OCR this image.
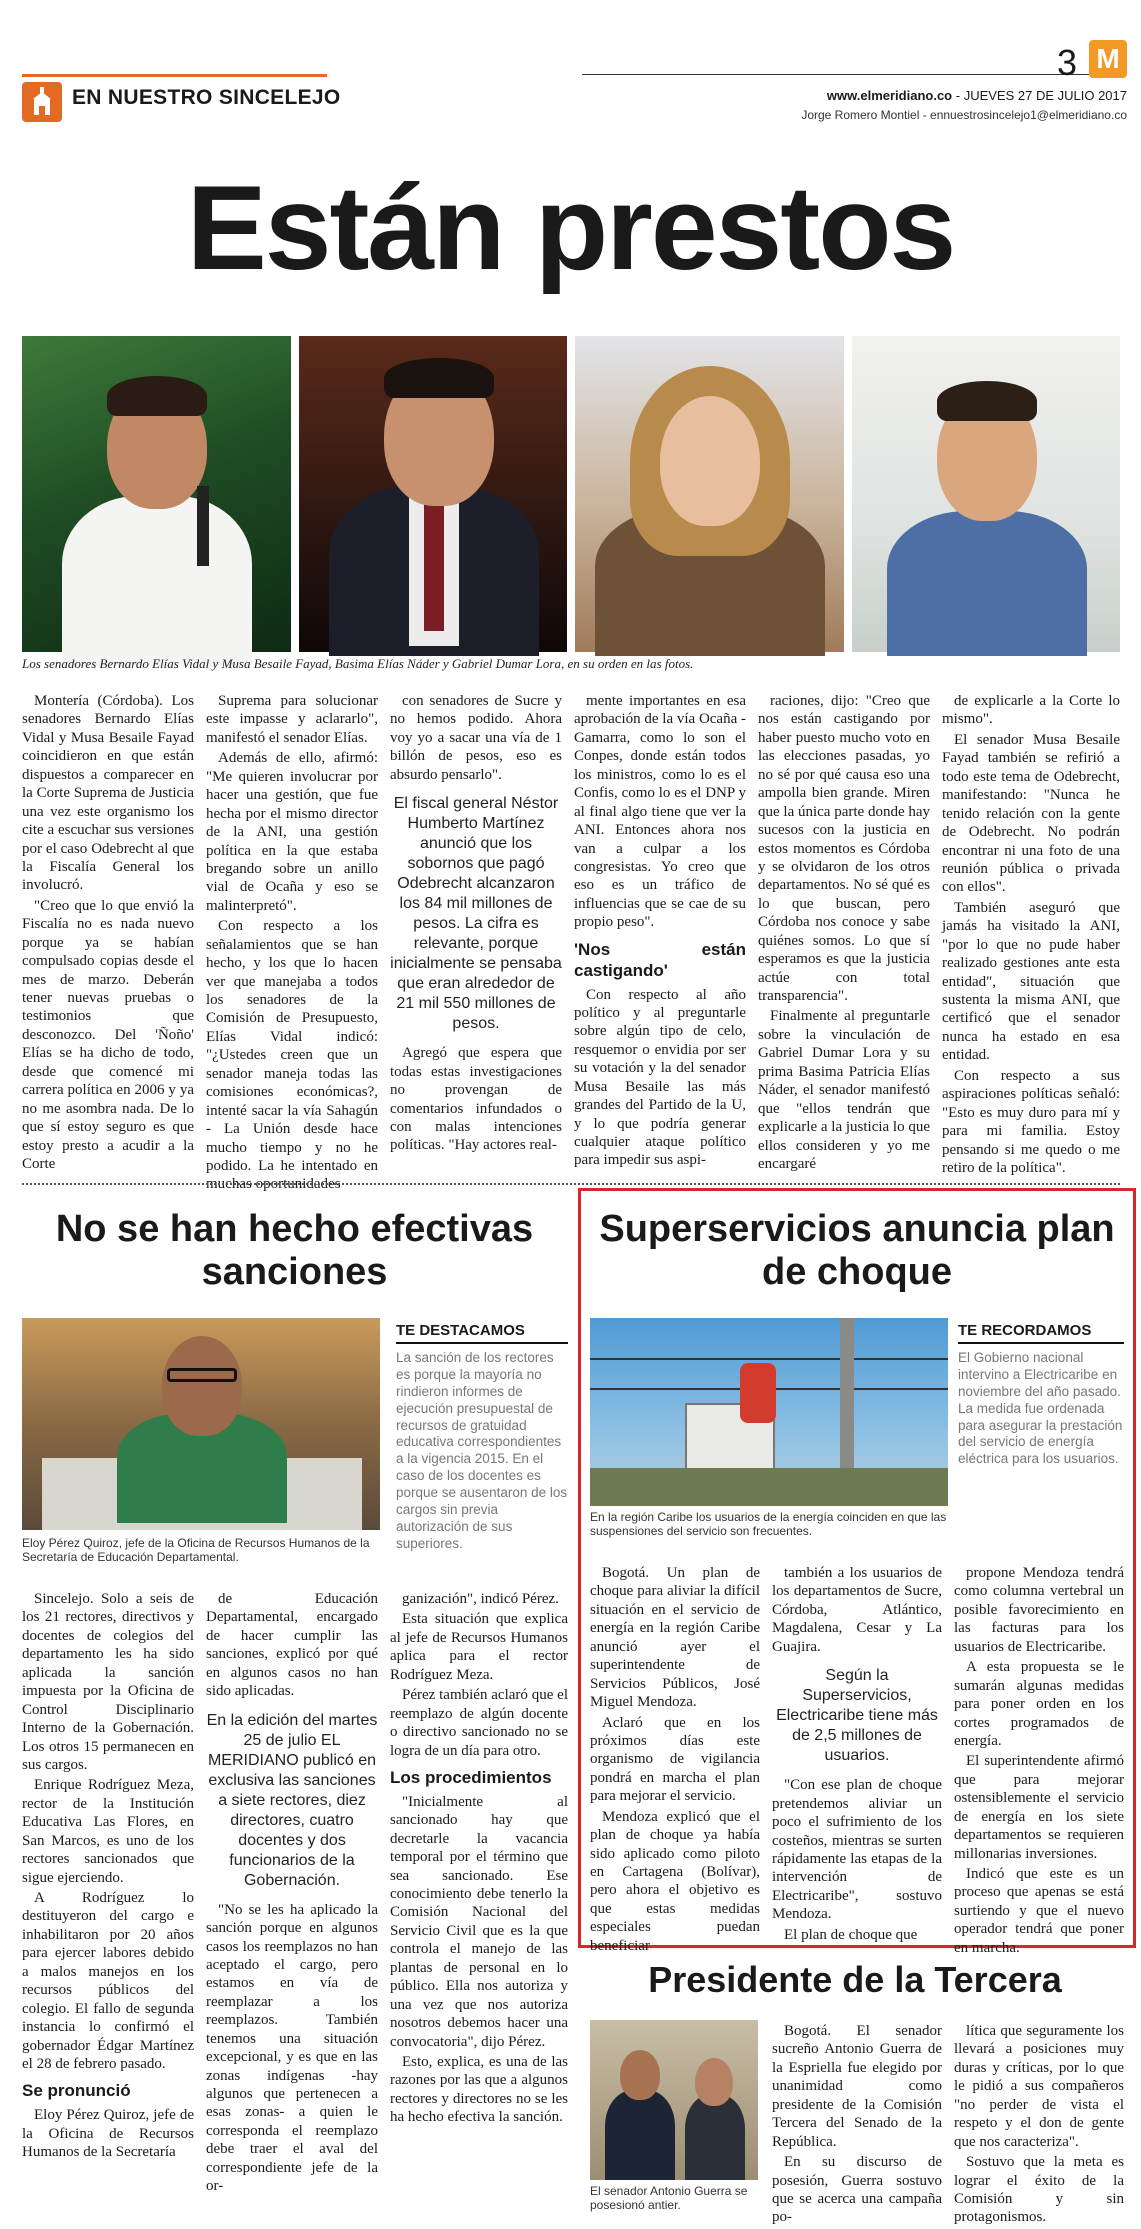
EN NUESTRO SINCELEJO
3 M
www.elmeridiano.co - JUEVES 27 DE JULIO 2017
Jorge Romero Montiel - ennuestrosincelejo1@elmeridiano.co
Están prestos
Los senadores Bernardo Elías Vidal y Musa Besaile Fayad, Basima Elías Náder y Gabriel Dumar Lora, en su orden en las fotos.

Montería (Córdoba). Los senadores Bernardo Elías Vidal y Musa Besaile Fayad coincidieron en que están dispuestos a comparecer en la Corte Suprema de Justicia una vez este organismo los cite a escuchar sus versiones por el caso Odebrecht al que la Fiscalía General los involucró.

"Creo que lo que envió la Fiscalía no es nada nuevo porque ya se habían compulsado copias desde el mes de marzo. Deberán tener nuevas pruebas o testimonios que desconozco. Del 'Ñoño' Elías se ha dicho de todo, desde que comencé mi carrera política en 2006 y ya no me asombra nada. De lo que sí estoy seguro es que estoy presto a acudir a la Corte

Suprema para solucionar este impasse y aclararlo", manifestó el senador Elías.

Además de ello, afirmó: "Me quieren involucrar por hacer una gestión, que fue hecha por el mismo director de la ANI, una gestión política en la que estaba bregando sobre un anillo vial de Ocaña y eso se malinterpretó".

Con respecto a los señalamientos que se han hecho, y los que lo hacen ver que manejaba a todos los senadores de la Comisión de Presupuesto, Elías Vidal indicó: "¿Ustedes creen que un senador maneja todas las comisiones económicas?, intenté sacar la vía Sahagún - La Unión desde hace mucho tiempo y no he podido. La he intentado en muchas oportunidades

con senadores de Sucre y no hemos podido. Ahora voy yo a sacar una vía de 1 billón de pesos, eso es absurdo pensarlo".

El fiscal general Néstor Humberto Martínez anunció que los sobornos que pagó Odebrecht alcanzaron los 84 mil millones de pesos. La cifra es relevante, porque inicialmente se pensaba que eran alrededor de 21 mil 550 millones de pesos.

Agregó que espera que todas estas investigaciones no provengan de comentarios infundados o con malas intenciones políticas. "Hay actores real-

mente importantes en esa aprobación de la vía Ocaña - Gamarra, como lo son el Conpes, donde están todos los ministros, como lo es el Confis, como lo es el DNP y al final algo tiene que ver la ANI. Entonces ahora nos van a culpar a los congresistas. Yo creo que eso es un tráfico de influencias que se cae de su propio peso".

'Nos están castigando'

Con respecto al año político y al preguntarle sobre algún tipo de celo, resquemor o envidia por ser su votación y la del senador Musa Besaile las más grandes del Partido de la U, y lo que podría generar cualquier ataque político para impedir sus aspi-

raciones, dijo: "Creo que nos están castigando por haber puesto mucho voto en las elecciones pasadas, yo no sé por qué causa eso una ampolla bien grande. Miren que la única parte donde hay sucesos con la justicia en estos momentos es Córdoba y se olvidaron de los otros departamentos. No sé qué es lo que buscan, pero Córdoba nos conoce y sabe quiénes somos. Lo que sí esperamos es que la justicia actúe con total transparencia".

Finalmente al preguntarle sobre la vinculación de Gabriel Dumar Lora y su prima Basima Patricia Elías Náder, el senador manifestó que "ellos tendrán que explicarle a la justicia lo que ellos consideren y yo me encargaré

de explicarle a la Corte lo mismo".

El senador Musa Besaile Fayad también se refirió a todo este tema de Odebrecht, manifestando: "Nunca he tenido relación con la gente de Odebrecht. No podrán encontrar ni una foto de una reunión pública o privada con ellos".

También aseguró que jamás ha visitado la ANI, "por lo que no pude haber realizado gestiones ante esta entidad", situación que sustenta la misma ANI, que certificó que el senador nunca ha estado en esa entidad.

Con respecto a sus aspiraciones políticas señaló: "Esto es muy duro para mí y para mi familia. Estoy pensando si me quedo o me retiro de la política".

No se han hecho efectivas sanciones
Eloy Pérez Quiroz, jefe de la Oficina de Recursos Humanos de la Secretaría de Educación Departamental.
TE DESTACAMOS
La sanción de los rectores es porque la mayoría no rindieron informes de ejecución presupuestal de recursos de gratuidad educativa correspondientes a la vigencia 2015. En el caso de los docentes es porque se ausentaron de los cargos sin previa autorización de sus superiores.

Sincelejo. Solo a seis de los 21 rectores, directivos y docentes de colegios del departamento les ha sido aplicada la sanción impuesta por la Oficina de Control Disciplinario Interno de la Gobernación. Los otros 15 permanecen en sus cargos.

Enrique Rodríguez Meza, rector de la Institución Educativa Las Flores, en San Marcos, es uno de los rectores sancionados que sigue ejerciendo.

A Rodríguez lo destituyeron del cargo e inhabilitaron por 20 años para ejercer labores debido a malos manejos en los recursos públicos del colegio. El fallo de segunda instancia lo confirmó el gobernador Édgar Martínez el 28 de febrero pasado.

Se pronunció

Eloy Pérez Quiroz, jefe de la Oficina de Recursos Humanos de la Secretaría

de Educación Departamental, encargado de hacer cumplir las sanciones, explicó por qué en algunos casos no han sido aplicadas.

En la edición del martes 25 de julio EL MERIDIANO publicó en exclusiva las sanciones a siete rectores, diez directores, cuatro docentes y dos funcionarios de la Gobernación.

"No se les ha aplicado la sanción porque en algunos casos los reemplazos no han aceptado el cargo, pero estamos en vía de reemplazar a los reemplazos. También tenemos una situación excepcional, y es que en las zonas indígenas -hay algunos que pertenecen a esas zonas- a quien le corresponda el reemplazo debe traer el aval del correspondiente jefe de la or-

ganización", indicó Pérez.

Esta situación que explica al jefe de Recursos Humanos aplica para el rector Rodríguez Meza.

Pérez también aclaró que el reemplazo de algún docente o directivo sancionado no se logra de un día para otro.

Los procedimientos

"Inicialmente al sancionado hay que decretarle la vacancia temporal por el término que sea sancionado. Ese conocimiento debe tenerlo la Comisión Nacional del Servicio Civil que es la que controla el manejo de las plantas de personal en lo público. Ella nos autoriza y una vez que nos autoriza nosotros debemos hacer una convocatoria", dijo Pérez.

Esto, explica, es una de las razones por las que a algunos rectores y directores no se les ha hecho efectiva la sanción.

Superservicios anuncia plan de choque
En la región Caribe los usuarios de la energía coinciden en que las suspensiones del servicio son frecuentes.
TE RECORDAMOS
El Gobierno nacional intervino a Electricaribe en noviembre del año pasado. La medida fue ordenada para asegurar la prestación del servicio de energía eléctrica para los usuarios.

Bogotá. Un plan de choque para aliviar la difícil situación en el servicio de energía en la región Caribe anunció ayer el superintendente de Servicios Públicos, José Miguel Mendoza.

Aclaró que en los próximos días este organismo de vigilancia pondrá en marcha el plan para mejorar el servicio.

Mendoza explicó que el plan de choque ya había sido aplicado como piloto en Cartagena (Bolívar), pero ahora el objetivo es que estas medidas especiales puedan beneficiar

también a los usuarios de los departamentos de Sucre, Córdoba, Atlántico, Magdalena, Cesar y La Guajira.

Según la Superservicios, Electricaribe tiene más de 2,5 millones de usuarios.

"Con ese plan de choque pretendemos aliviar un poco el sufrimiento de los costeños, mientras se surten rápidamente las etapas de la intervención de Electricaribe", sostuvo Mendoza.

El plan de choque que

propone Mendoza tendrá como columna vertebral un posible favorecimiento en las facturas para los usuarios de Electricaribe.

A esta propuesta se le sumarán algunas medidas para poner orden en los cortes programados de energía.

El superintendente afirmó que para mejorar ostensiblemente el servicio de energía en los siete departamentos se requieren millonarias inversiones.

Indicó que este es un proceso que apenas se está surtiendo y que el nuevo operador tendrá que poner en marcha.

Presidente de la Tercera
El senador Antonio Guerra se posesionó antier.

Bogotá. El senador sucreño Antonio Guerra de la Espriella fue elegido por unanimidad como presidente de la Comisión Tercera del Senado de la República.

En su discurso de posesión, Guerra sostuvo que se acerca una campaña po-

lítica que seguramente los llevará a posiciones muy duras y críticas, por lo que le pidió a sus compañeros "no perder de vista el respeto y el don de gente que nos caracteriza".

Sostuvo que la meta es lograr el éxito de la Comisión y sin protagonismos.
